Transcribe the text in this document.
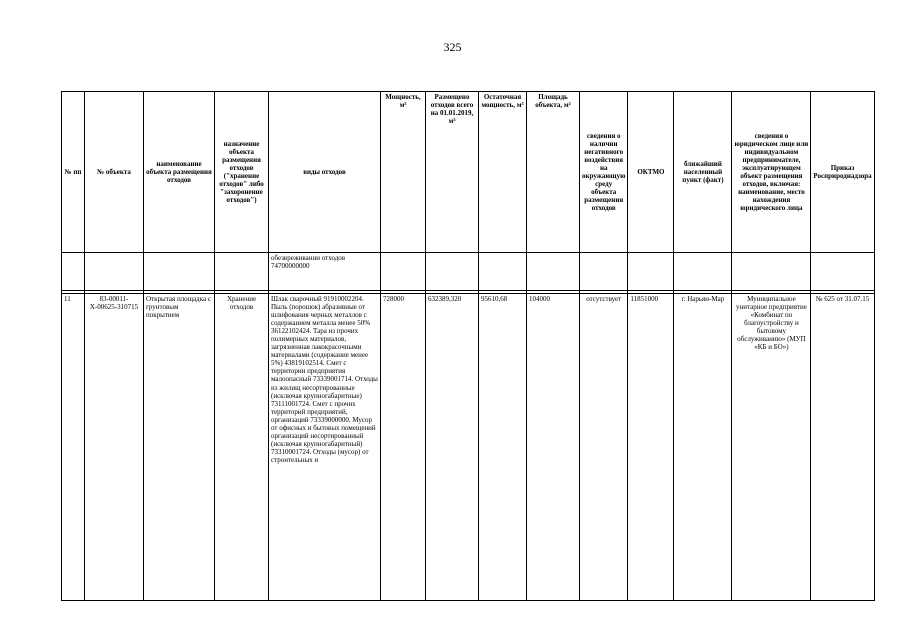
325
№ пп	№ объекта	наименование объекта размещения отходов	назначение объекта размещения отходов ("хранение отходов" либо "захоронение отходов")	виды отходов	Мощность, м³	Размещено отходов всего на 01.01.2019, м³	Остаточная мощность, м³	Площадь объекта, м²	сведения о наличии негативного воздействия на окружающую среду объекта размещения отходов	ОКТМО	ближайший населенный пункт (факт)	сведения о юридическом лице или индивидуальном предпринимателе, эксплуатирующем объект размещения отходов, включая: наименование, место нахождения юридического лица	Приказ Росприроднадзора
				обезвреживании отходов 74700000000									

11	83-00011-Х-00625-310715	Открытая площадка с грунтовым покрытием	Хранение отходов	Шлак сварочный 91910002204. Пыль (порошок) абразивные от шлифования черных металлов с содержанием металла менее 50% 36122102424. Тара из прочих полимерных материалов, загрязненная лакокрасочными материалами (содержание менее 5%) 43819102514. Смет с территории предприятия малоопасный 73339001714. Отходы из жилищ несортированные (исключая крупногабаритные) 73111001724. Смет с прочих территорий предприятий, организаций 73339000000. Мусор от офисных и бытовых помещений организаций несортированный (исключая крупногабаритный) 73310001724. Отходы (мусор) от строительных и	728000	632389,320	95610,68	104000	отсутствует	11851000	г. Нарьян-Мар	Муниципальное унитарное предприятие «Комбинат по благоустройству и бытовому обслуживанию» (МУП «КБ и БО»)	№ 625 от 31.07.15
